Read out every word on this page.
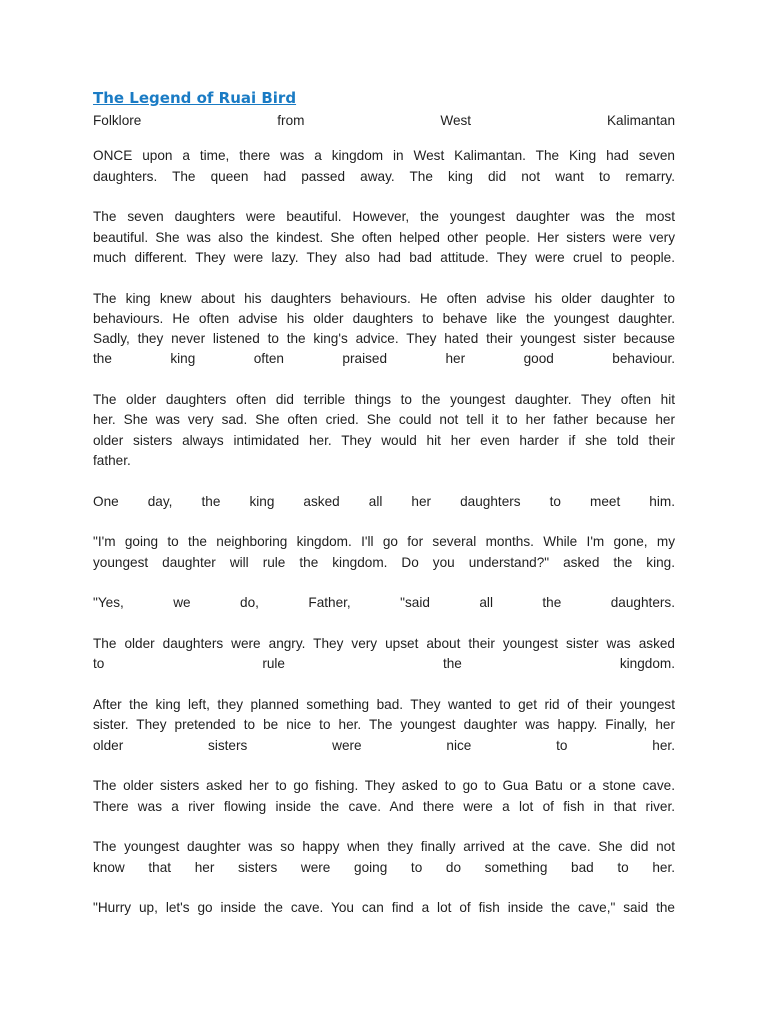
The Legend of Ruai Bird

Folklore from West Kalimantan

ONCE upon a time, there was a kingdom in West Kalimantan. The King had seven

daughters. The queen had passed away. The king did not want to remarry.

The seven daughters were beautiful. However, the youngest daughter was the most

beautiful. She was also the kindest. She often helped other people. Her sisters were very

much different. They were lazy. They also had bad attitude. They were cruel to people.

The king knew about his daughters behaviours. He often advise his older daughter to

behaviours. He often advise his older daughters to behave like the youngest daughter.

Sadly, they never listened to the king's advice. They hated their youngest sister because

the king often praised her good behaviour.

The older daughters often did terrible things to the youngest daughter. They often hit

her. She was very sad. She often cried. She could not tell it to her father because her

older sisters always intimidated her. They would hit her even harder if she told their

father.

One day, the king asked all her daughters to meet him.

"I'm going to the neighboring kingdom. I'll go for several months. While I'm gone, my

youngest daughter will rule the kingdom. Do you understand?" asked the king.

"Yes, we do, Father, "said all the daughters.

The older daughters were angry. They very upset about their youngest sister was asked

to rule the kingdom.

After the king left, they planned something bad. They wanted to get rid of their youngest

sister. They pretended to be nice to her. The youngest daughter was happy. Finally, her

older sisters were nice to her.

The older sisters asked her to go fishing. They asked to go to Gua Batu or a stone cave.

There was a river flowing inside the cave. And there were a lot of fish in that river.

The youngest daughter was so happy when they finally arrived at the cave. She did not

know that her sisters were going to do something bad to her.

"Hurry up, let's go inside the cave. You can find a lot of fish inside the cave," said the
